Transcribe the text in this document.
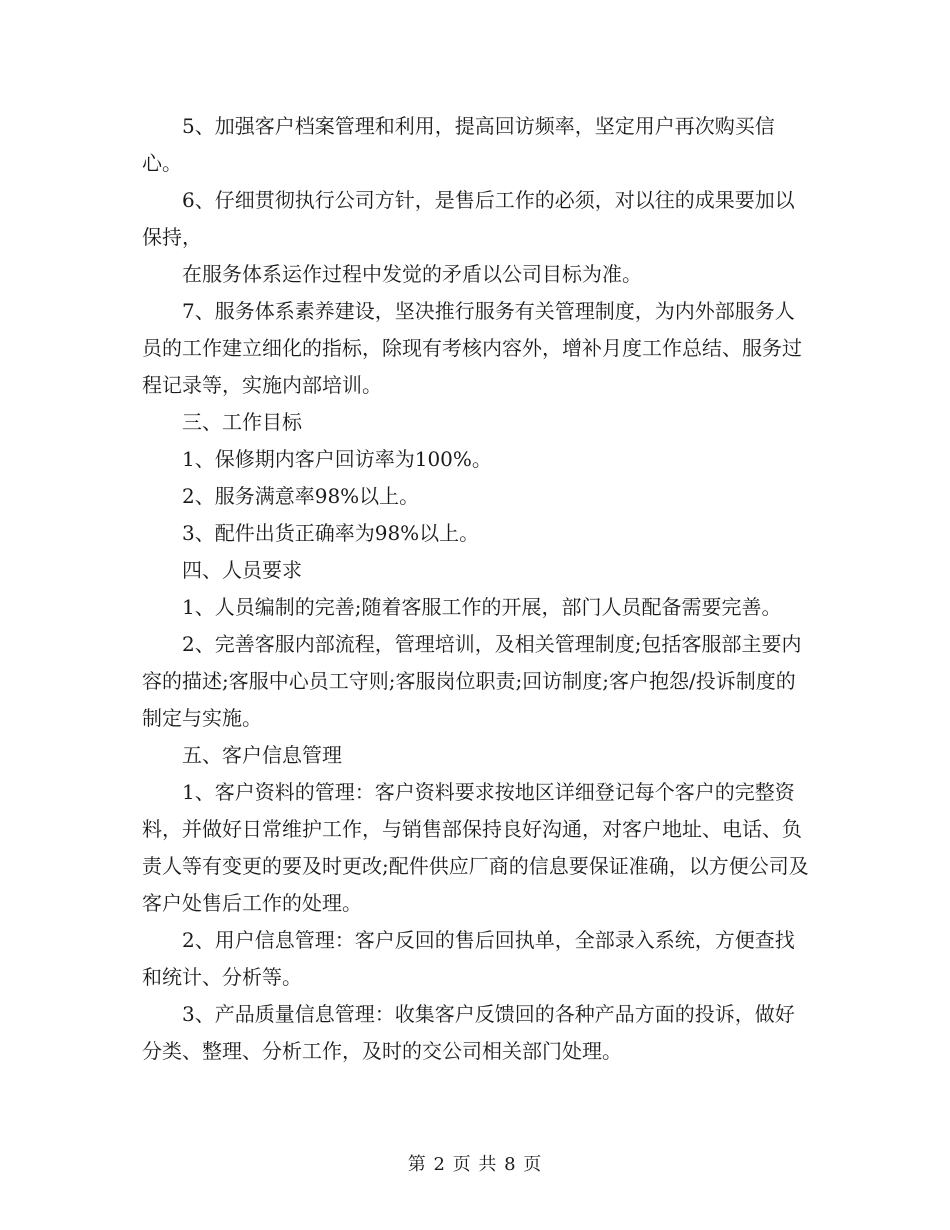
5、加强客户档案管理和利用，提高回访频率，坚定用户再次购买信心。

6、仔细贯彻执行公司方针，是售后工作的必须，对以往的成果要加以保持，

在服务体系运作过程中发觉的矛盾以公司目标为准。

7、服务体系素养建设，坚决推行服务有关管理制度，为内外部服务人员的工作建立细化的指标，除现有考核内容外，增补月度工作总结、服务过程记录等，实施内部培训。

三、工作目标

1、保修期内客户回访率为100%。

2、服务满意率98%以上。

3、配件出货正确率为98%以上。

四、人员要求

1、人员编制的完善;随着客服工作的开展，部门人员配备需要完善。

2、完善客服内部流程，管理培训，及相关管理制度;包括客服部主要内容的描述;客服中心员工守则;客服岗位职责;回访制度;客户抱怨/投诉制度的制定与实施。

五、客户信息管理

1、客户资料的管理：客户资料要求按地区详细登记每个客户的完整资料，并做好日常维护工作，与销售部保持良好沟通，对客户地址、电话、负责人等有变更的要及时更改;配件供应厂商的信息要保证准确，以方便公司及客户处售后工作的处理。

2、用户信息管理：客户反回的售后回执单，全部录入系统，方便查找和统计、分析等。

3、产品质量信息管理：收集客户反馈回的各种产品方面的投诉，做好分类、整理、分析工作，及时的交公司相关部门处理。

第 2 页 共 8 页
